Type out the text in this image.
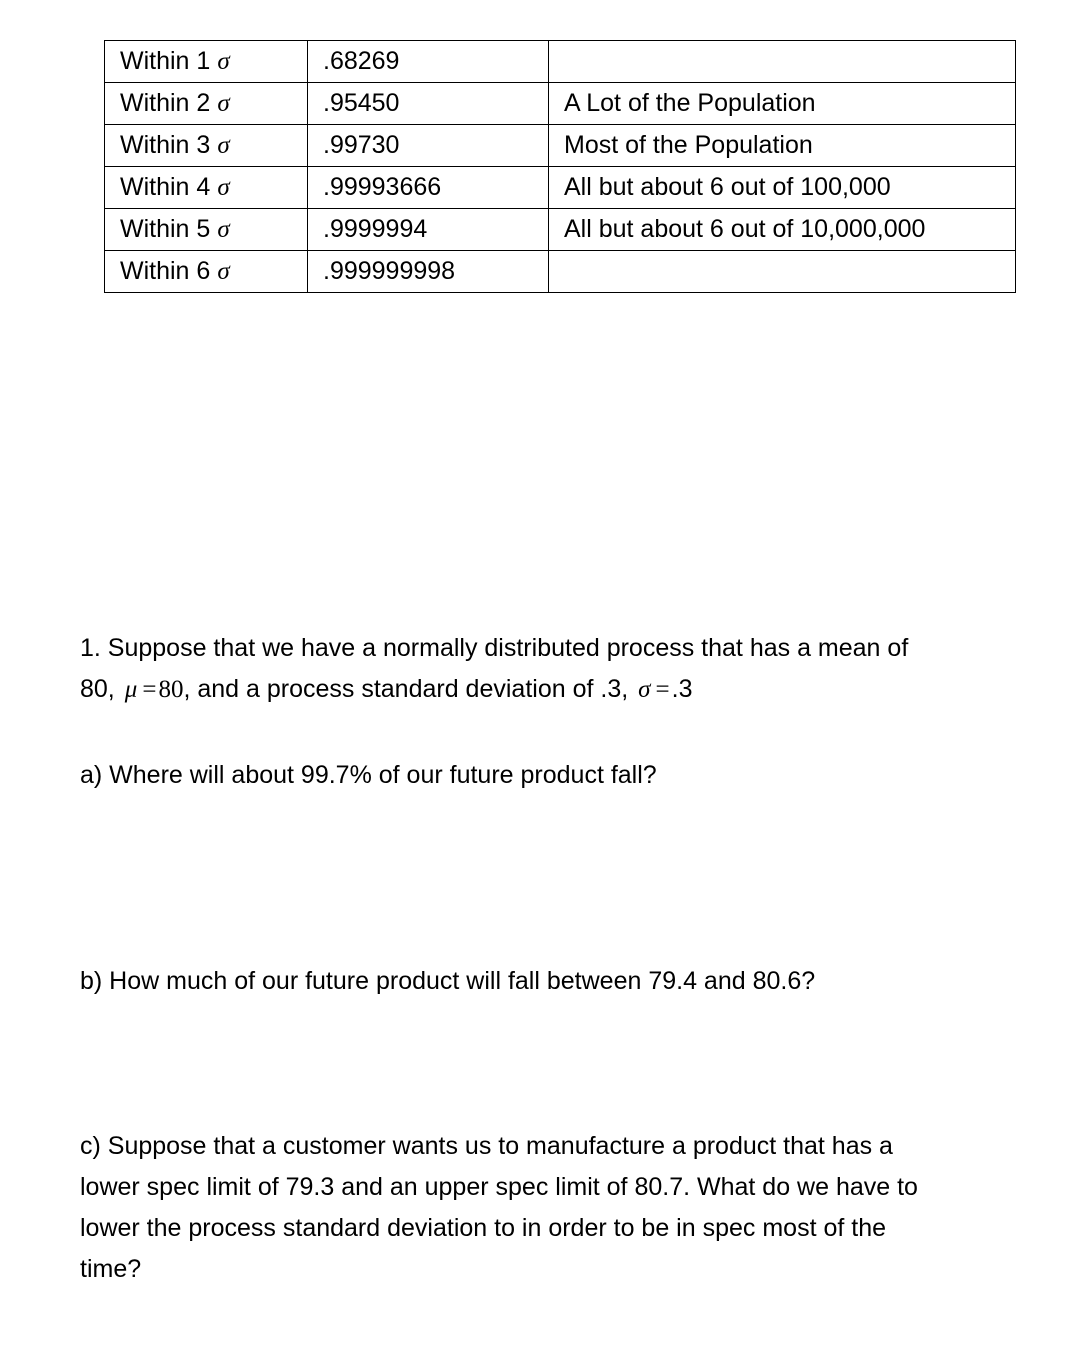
Within 1 σ	.68269	
Within 2 σ	.95450	A Lot of the Population
Within 3 σ	.99730	Most of the Population
Within 4 σ	.99993666	All but about 6 out of 100,000
Within 5 σ	.9999994	All but about 6 out of 10,000,000
Within 6 σ	.999999998	
1. Suppose that we have a normally distributed process that has a mean of
80, μ =80, and a process standard deviation of .3, σ =.3
a) Where will about 99.7% of our future product fall?
b) How much of our future product will fall between 79.4 and 80.6?
c) Suppose that a customer wants us to manufacture a product that has a
lower spec limit of 79.3 and an upper spec limit of 80.7. What do we have to
lower the process standard deviation to in order to be in spec most of the
time?
